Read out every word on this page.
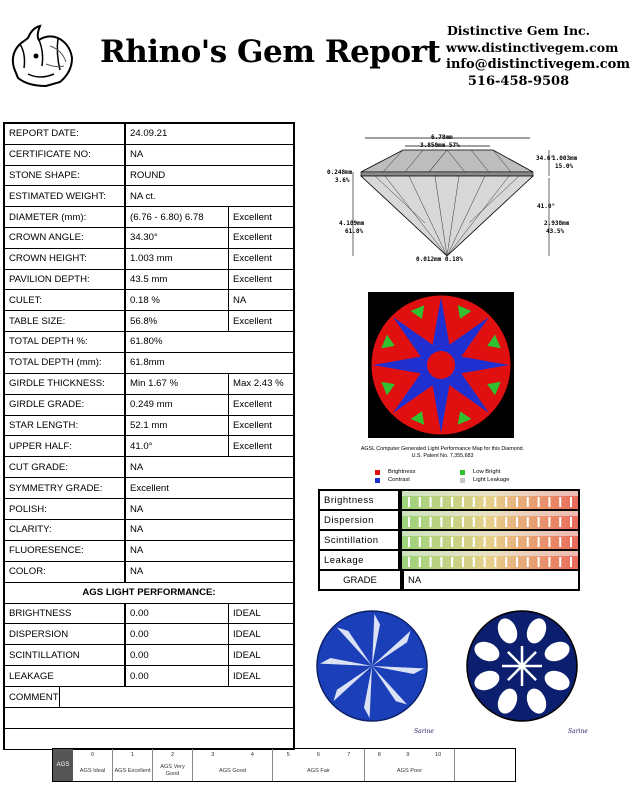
Rhino's Gem Report
Distinctive Gem Inc.
www.distinctivegem.com
info@distinctivegem.com
516-458-9508
REPORT DATE:	24.09.21
CERTIFICATE NO:	NA
STONE SHAPE:	ROUND
ESTIMATED WEIGHT:	NA ct.
DIAMETER (mm):	(6.76 - 6.80) 6.78	Excellent
CROWN ANGLE:	34.30°	Excellent
CROWN HEIGHT:	1.003 mm	Excellent
PAVILION DEPTH:	43.5 mm	Excellent
CULET:	0.18 %	NA
TABLE SIZE:	56.8%	Excellent
TOTAL DEPTH %:	61.80%
TOTAL DEPTH (mm):	61.8mm
GIRDLE THICKNESS:	Min 1.67 %	Max 2.43 %
GIRDLE GRADE:	0.249 mm	Excellent
STAR LENGTH:	52.1 mm	Excellent
UPPER HALF:	41.0°	Excellent
CUT GRADE:	NA
SYMMETRY GRADE:	Excellent
POLISH:	NA
CLARITY:	NA
FLUORESENCE:	NA
COLOR:	NA
AGS LIGHT PERFORMANCE:
BRIGHTNESS	0.00	IDEAL
DISPERSION	0.00	IDEAL
SCINTILLATION	0.00	IDEAL
LEAKAGE	0.00	IDEAL
COMMENT
6.78mm
3.850mm 57%
34.6°
1.003mm
15.0%
0.248mm
3.6%
41.0°
4.189mm
61.8%
2.938mm
43.5%
0.012mm 0.18%
AGSL Computer Generated Light Performance Map for this Diamond.
U.S. Patent No. 7,355,683
Brightness	Low Bright
Contrast	Light Leakage
Brightness
Dispersion
Scintillation
Leakage
GRADE	NA
Sarine	Sarine
AGS
0
AGS Ideal
1
AGS Excellent
2
AGS Very Good
3	4
AGS Good
5	6	7
AGS Fair
8	9	10
AGS Poor
